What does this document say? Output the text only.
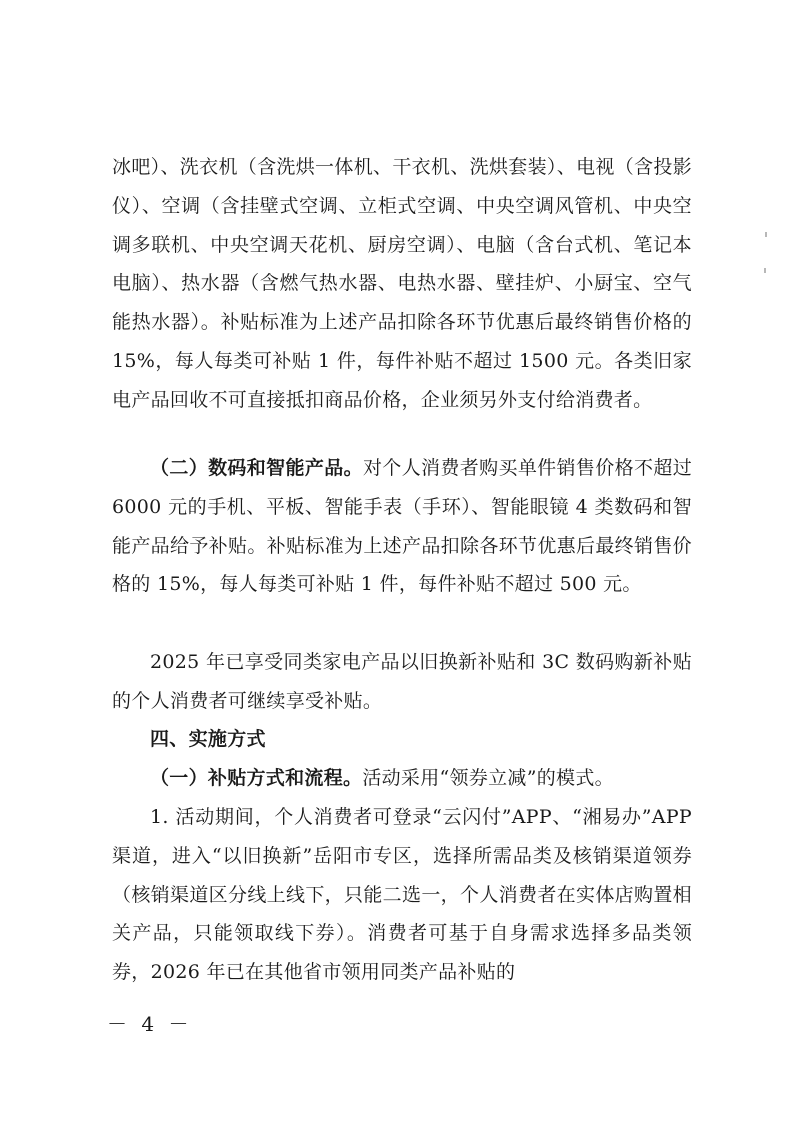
冰吧）、洗衣机（含洗烘一体机、干衣机、洗烘套装）、电视（含投影仪）、空调（含挂壁式空调、立柜式空调、中央空调风管机、中央空调多联机、中央空调天花机、厨房空调）、电脑（含台式机、笔记本电脑）、热水器（含燃气热水器、电热水器、壁挂炉、小厨宝、空气能热水器）。补贴标准为上述产品扣除各环节优惠后最终销售价格的 15%，每人每类可补贴 1 件，每件补贴不超过 1500 元。各类旧家电产品回收不可直接抵扣商品价格，企业须另外支付给消费者。

（二）数码和智能产品。对个人消费者购买单件销售价格不超过 6000 元的手机、平板、智能手表（手环）、智能眼镜 4 类数码和智能产品给予补贴。补贴标准为上述产品扣除各环节优惠后最终销售价格的 15%，每人每类可补贴 1 件，每件补贴不超过 500 元。

2025 年已享受同类家电产品以旧换新补贴和 3C 数码购新补贴的个人消费者可继续享受补贴。

四、实施方式

（一）补贴方式和流程。活动采用“领券立减”的模式。

1. 活动期间，个人消费者可登录“云闪付”APP、“湘易办”APP 渠道，进入“以旧换新”岳阳市专区，选择所需品类及核销渠道领券（核销渠道区分线上线下，只能二选一，个人消费者在实体店购置相关产品，只能领取线下券）。消费者可基于自身需求选择多品类领券，2026 年已在其他省市领用同类产品补贴的

－ 4 －
